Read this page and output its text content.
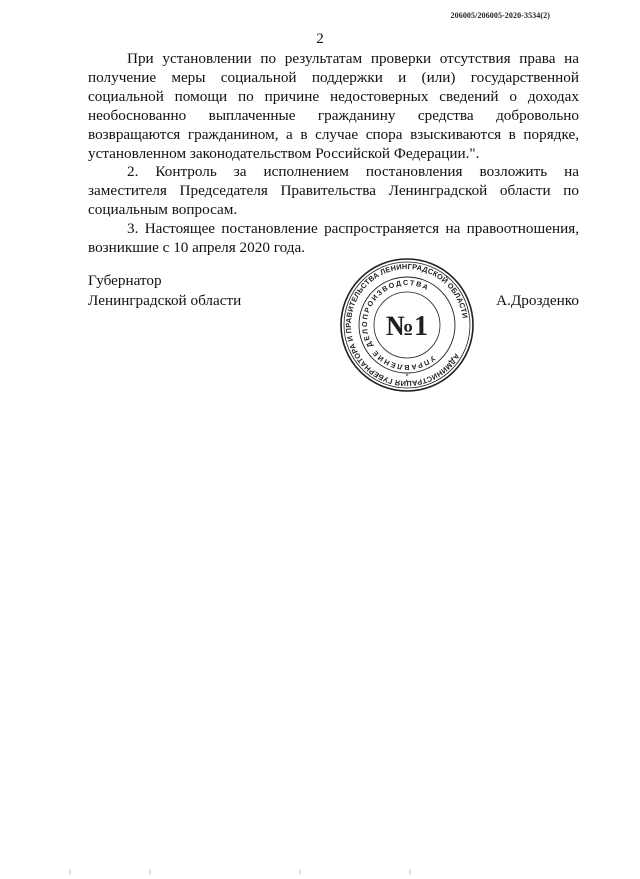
206005/206005-2020-3534(2)
2

При установлении по результатам проверки отсутствия права на получение меры социальной поддержки и (или) государственной социальной помощи по причине недостоверных сведений о доходах необоснованно выплаченные гражданину средства добровольно возвращаются гражданином, а в случае спора взыскиваются в порядке, установленном законодательством Российской Федерации.".

2. Контроль за исполнением постановления возложить на заместителя Председателя Правительства Ленинградской области по социальным вопросам.

3. Настоящее постановление распространяется на правоотношения, возникшие с 10 апреля 2020 года.

Губернатор
Ленинградской области	А.Дрозденко
АДМИНИСТРАЦИЯ ГУБЕРНАТОРА И ПРАВИТЕЛЬСТВА ЛЕНИНГРАДСКОЙ ОБЛАСТИ
УПРАВЛЕНИЕ ДЕЛОПРОИЗВОДСТВА
№1
*
